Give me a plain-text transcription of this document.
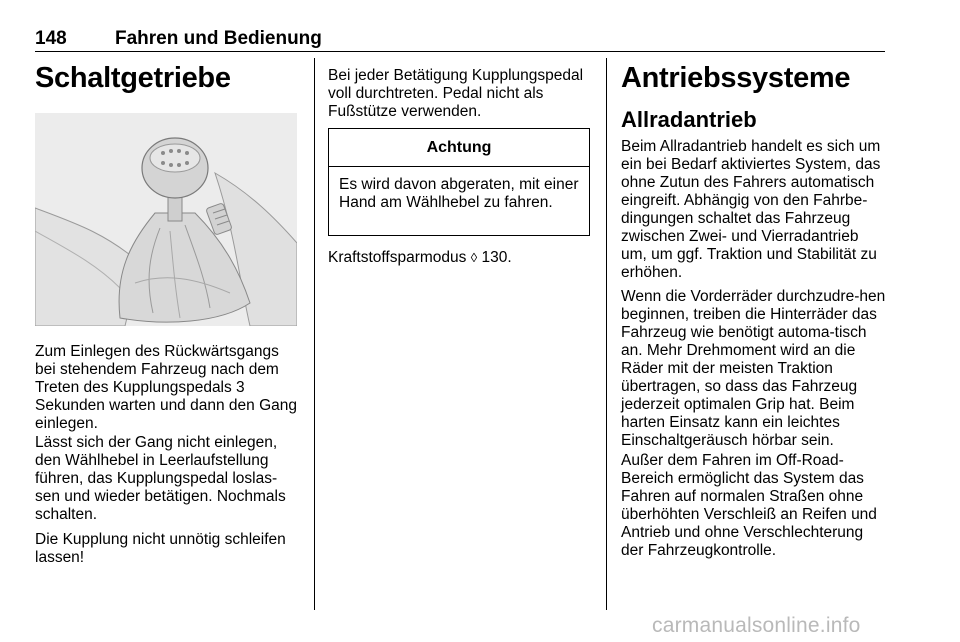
148	Fahren und Bedienung
Schaltgetriebe

Zum Einlegen des Rückwärtsgangs bei stehendem Fahrzeug nach dem Treten des Kupplungspedals 3 Sekunden warten und dann den Gang einlegen.

Lässt sich der Gang nicht einlegen, den Wählhebel in Leerlaufstellung führen, das Kupplungspedal loslas-sen und wieder betätigen. Nochmals schalten.

Die Kupplung nicht unnötig schleifen lassen!

Bei jeder Betätigung Kupplungspedal voll durchtreten. Pedal nicht als Fußstütze verwenden.

Achtung

Es wird davon abgeraten, mit einer Hand am Wählhebel zu fahren.

Kraftstoffsparmodus ◊ 130.

Antriebssysteme
Allradantrieb

Beim Allradantrieb handelt es sich um ein bei Bedarf aktiviertes System, das ohne Zutun des Fahrers automatisch eingreift. Abhängig von den Fahrbe-dingungen schaltet das Fahrzeug zwischen Zwei- und Vierradantrieb um, um ggf. Traktion und Stabilität zu erhöhen.

Wenn die Vorderräder durchzudre-hen beginnen, treiben die Hinterräder das Fahrzeug wie benötigt automa-tisch an. Mehr Drehmoment wird an die Räder mit der meisten Traktion übertragen, so dass das Fahrzeug jederzeit optimalen Grip hat. Beim harten Einsatz kann ein leichtes Einschaltgeräusch hörbar sein.

Außer dem Fahren im Off-Road-Bereich ermöglicht das System das Fahren auf normalen Straßen ohne überhöhten Verschleiß an Reifen und Antrieb und ohne Verschlechterung der Fahrzeugkontrolle.

carmanualsonline.info
